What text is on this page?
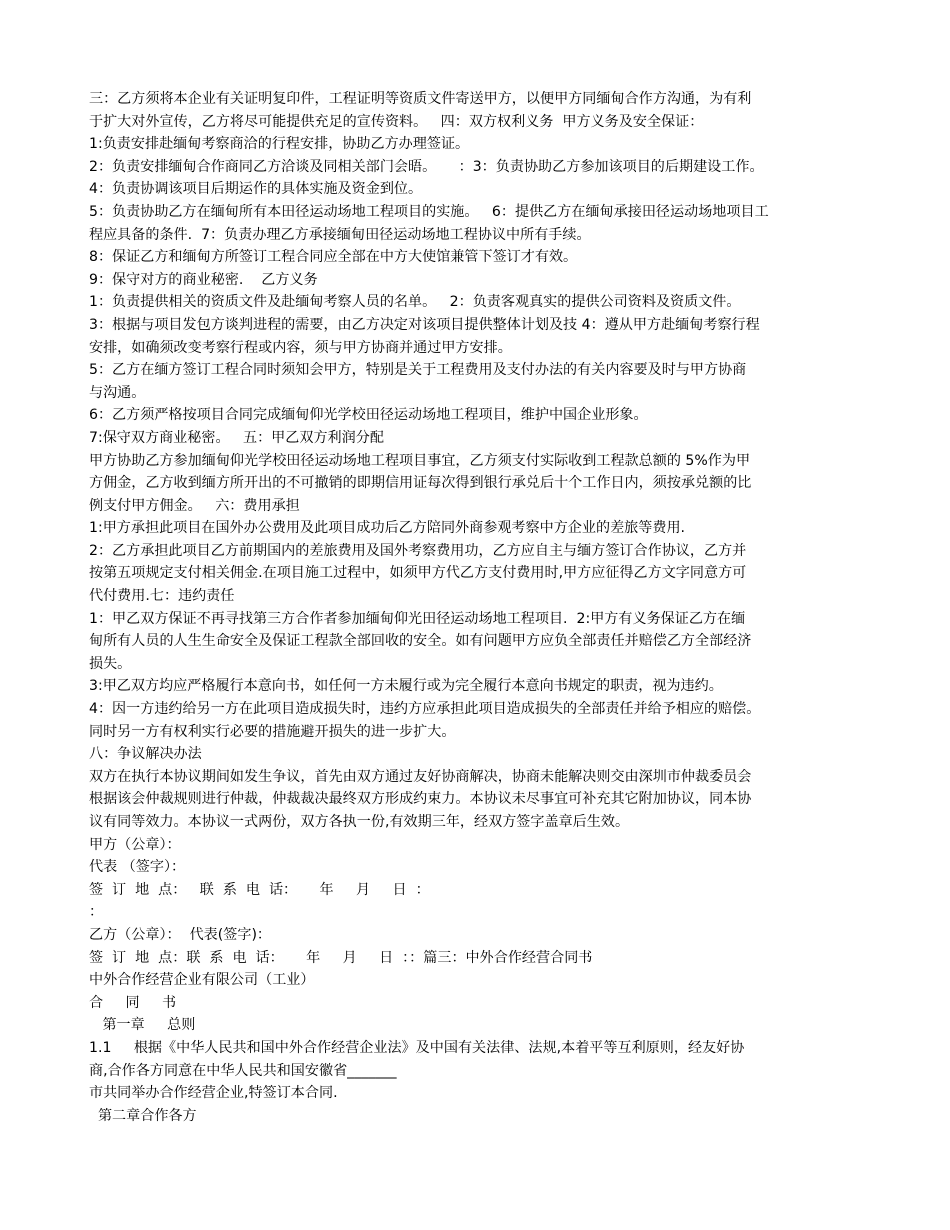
三：乙方须将本企业有关证明复印件，工程证明等资质文件寄送甲方，以便甲方同缅甸合作方沟通，为有利
于扩大对外宣传，乙方将尽可能提供充足的宣传资料。   四：双方权利义务  甲方义务及安全保证：
1:负责安排赴缅甸考察商洽的行程安排，协助乙方办理签证。
2：负责安排缅甸合作商同乙方洽谈及同相关部门会晤。     ：3：负责协助乙方参加该项目的后期建设工作。
4：负责协调该项目后期运作的具体实施及资金到位。
5：负责协助乙方在缅甸所有本田径运动场地工程项目的实施。   6：提供乙方在缅甸承接田径运动场地项目工
程应具备的条件.  7：负责办理乙方承接缅甸田径运动场地工程协议中所有手续。
8：保证乙方和缅甸方所签订工程合同应全部在中方大使馆兼管下签订才有效。
9：保守对方的商业秘密.    乙方义务
1：负责提供相关的资质文件及赴缅甸考察人员的名单。   2：负责客观真实的提供公司资料及资质文件。
3：根据与项目发包方谈判进程的需要，由乙方决定对该项目提供整体计划及技 4：遵从甲方赴缅甸考察行程
安排，如确须改变考察行程或内容，须与甲方协商并通过甲方安排。
5：乙方在缅方签订工程合同时须知会甲方，特别是关于工程费用及支付办法的有关内容要及时与甲方协商
与沟通。
6：乙方须严格按项目合同完成缅甸仰光学校田径运动场地工程项目，维护中国企业形象。
7:保守双方商业秘密。   五：甲乙双方利润分配
甲方协助乙方参加缅甸仰光学校田径运动场地工程项目事宜，乙方须支付实际收到工程款总额的 5%作为甲
方佣金，乙方收到缅方所开出的不可撤销的即期信用证每次得到银行承兑后十个工作日内，须按承兑额的比
例支付甲方佣金。   六：费用承担
1:甲方承担此项目在国外办公费用及此项目成功后乙方陪同外商参观考察中方企业的差旅等费用.
2：乙方承担此项目乙方前期国内的差旅费用及国外考察费用功，乙方应自主与缅方签订合作协议，乙方并
按第五项规定支付相关佣金.在项目施工过程中，如须甲方代乙方支付费用时,甲方应征得乙方文字同意方可
代付费用.七：违约责任
1：甲乙双方保证不再寻找第三方合作者参加缅甸仰光田径运动场地工程项目.  2:甲方有义务保证乙方在缅
甸所有人员的人生生命安全及保证工程款全部回收的安全。如有问题甲方应负全部责任并赔偿乙方全部经济
损失。
3:甲乙双方均应严格履行本意向书，如任何一方未履行或为完全履行本意向书规定的职责，视为违约。
4：因一方违约给另一方在此项目造成损失时，违约方应承担此项目造成损失的全部责任并给予相应的赔偿。
同时另一方有权利实行必要的措施避开损失的进一步扩大。
八：争议解决办法
双方在执行本协议期间如发生争议，首先由双方通过友好协商解决，协商未能解决则交由深圳市仲裁委员会
根据该会仲裁规则进行仲裁，仲裁裁决最终双方形成约束力。本协议未尽事宜可补充其它附加协议，同本协
议有同等效力。本协议一式两份，双方各执一份,有效期三年，经双方签字盖章后生效。
甲方（公章）：
代表 （签字）：
签  订  地  点：   联  系  电  话：     年     月     日  ：
：
乙方（公章）：  代表(签字)：
签  订  地  点：联  系  电  话：     年     月     日  ：：篇三：中外合作经营合同书
中外合作经营企业有限公司（工业）
合     同     书
第一章     总则
1.1     根据《中华人民共和国中外合作经营企业法》及中国有关法律、法规,本着平等互利原则，经友好协
商,合作各方同意在中华人民共和国安徽省_______
市共同举办合作经营企业,特签订本合同.
第二章合作各方
